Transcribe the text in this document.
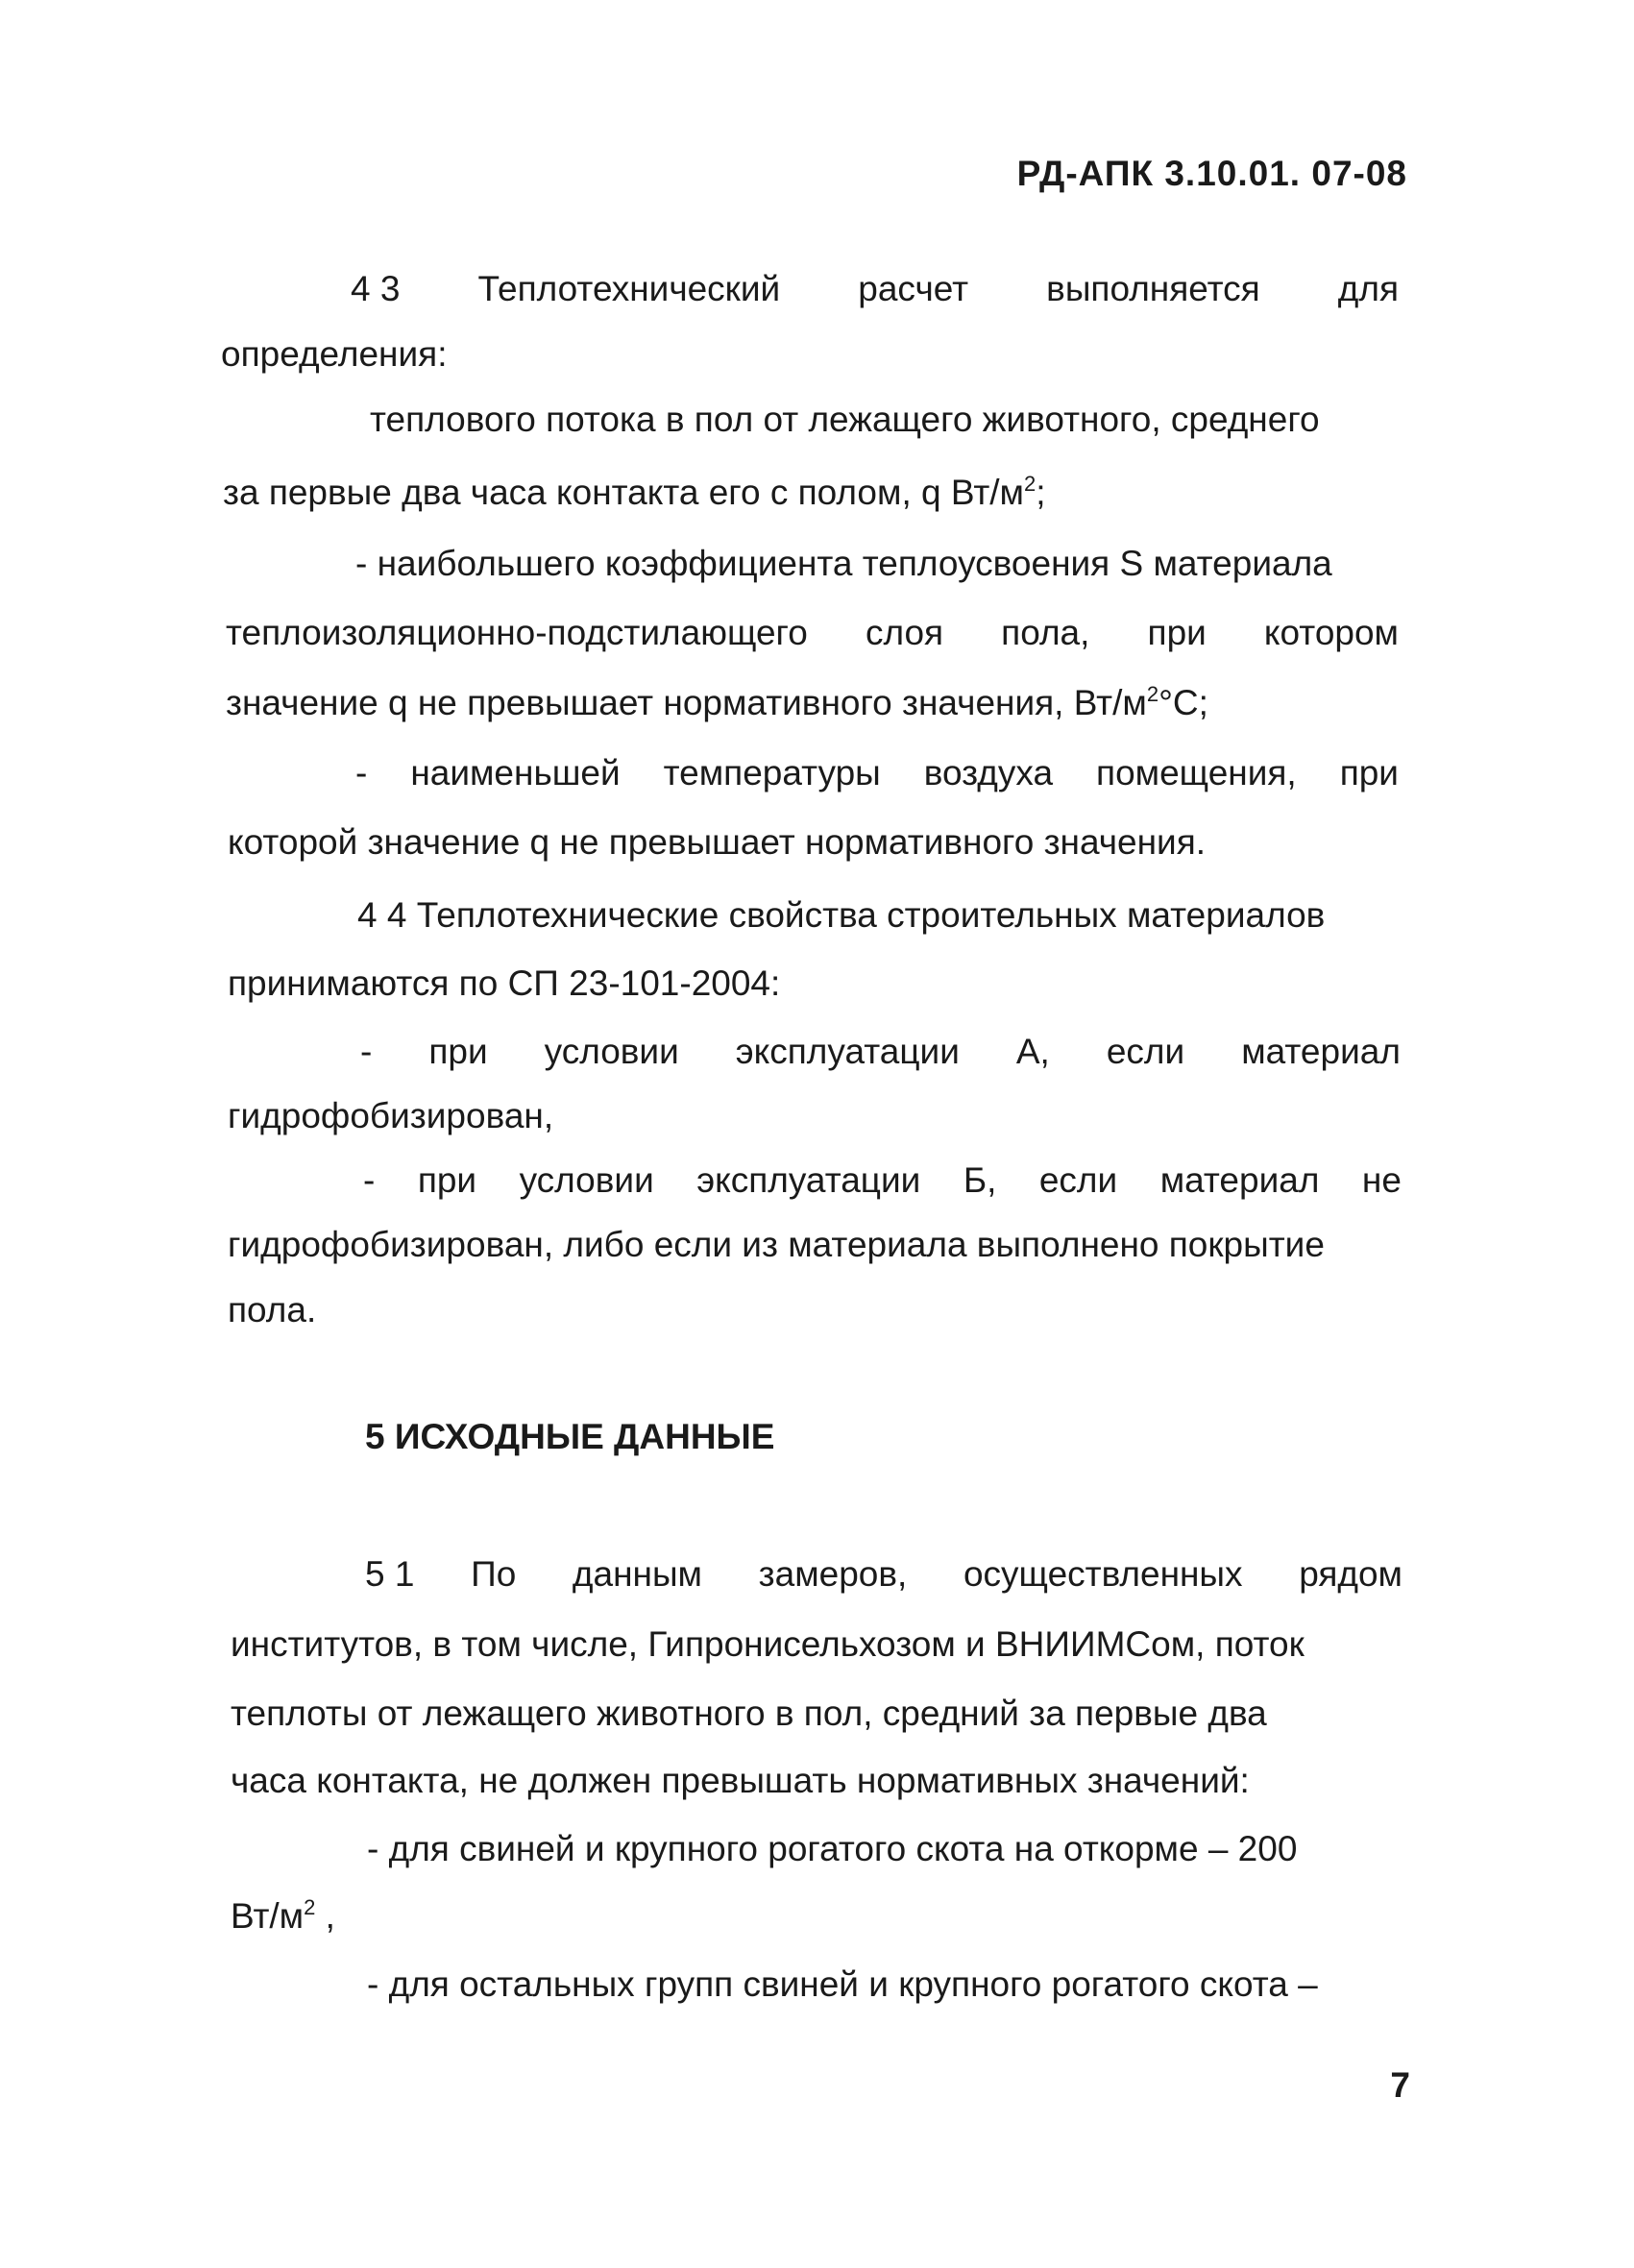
РД-АПК 3.10.01. 07-08
4 3 Теплотехнический расчет выполняется для
определения:
теплового потока в пол от лежащего животного, среднего
за первые два часа контакта его с полом, q $Вт/м^2$;
- наибольшего коэффициента теплоусвоения S материала
теплоизоляционно-подстилающего слоя пола, при котором
значение q не превышает нормативного значения, $Вт/м^2^\circ С$;
- наименьшей температуры воздуха помещения, при
которой значение q не превышает нормативного значения.
4 4 Теплотехнические свойства строительных материалов
принимаются по СП 23-101-2004:
- при условии эксплуатации А, если материал
гидрофобизирован,
- при условии эксплуатации Б, если материал не
гидрофобизирован, либо если из материала выполнено покрытие
пола.
5 ИСХОДНЫЕ ДАННЫЕ
5 1 По данным замеров, осуществленных рядом
институтов, в том числе, Гипронисельхозом и ВНИИМСом, поток
теплоты от лежащего животного в пол, средний за первые два
часа контакта, не должен превышать нормативных значений:
- для свиней и крупного рогатого скота на откорме – 200
$Вт/м^2$ ,
- для остальных групп свиней и крупного рогатого скота –
7
